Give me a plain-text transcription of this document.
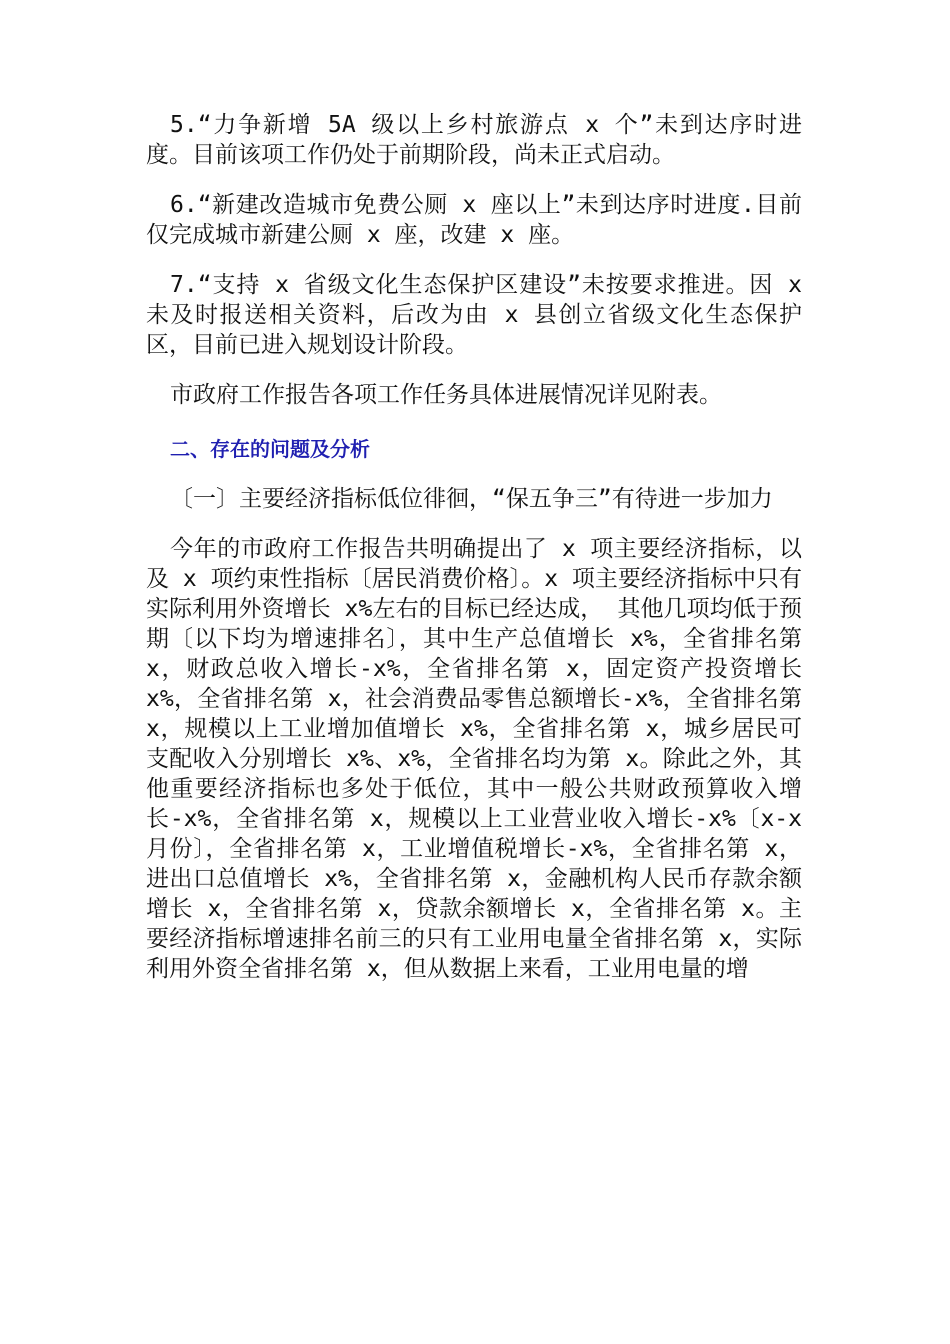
5.“力争新增 5A 级以上乡村旅游点 x 个”未到达序时进度。目前该项工作仍处于前期阶段，尚未正式启动。

6.“新建改造城市免费公厕 x 座以上”未到达序时进度.目前仅完成城市新建公厕 x 座，改建 x 座。

7.“支持 x 省级文化生态保护区建设”未按要求推进。因 x 未及时报送相关资料，后改为由 x 县创立省级文化生态保护区，目前已进入规划设计阶段。

市政府工作报告各项工作任务具体进展情况详见附表。

二、存在的问题及分析

〔一〕主要经济指标低位徘徊，“保五争三”有待进一步加力

今年的市政府工作报告共明确提出了 x 项主要经济指标，以及 x 项约束性指标〔居民消费价格〕。x 项主要经济指标中只有实际利用外资增长 x%左右的目标已经达成， 其他几项均低于预期〔以下均为增速排名〕，其中生产总值增长 x%，全省排名第 x，财政总收入增长-x%，全省排名第 x，固定资产投资增长 x%，全省排名第 x，社会消费品零售总额增长-x%，全省排名第 x，规模以上工业增加值增长 x%，全省排名第 x，城乡居民可支配收入分别增长 x%、x%，全省排名均为第 x。除此之外，其他重要经济指标也多处于低位，其中一般公共财政预算收入增长-x%，全省排名第 x，规模以上工业营业收入增长-x%〔x-x 月份〕，全省排名第 x，工业增值税增长-x%，全省排名第 x，进出口总值增长 x%，全省排名第 x，金融机构人民币存款余额增长 x，全省排名第 x，贷款余额增长 x，全省排名第 x。主要经济指标增速排名前三的只有工业用电量全省排名第 x，实际利用外资全省排名第 x，但从数据上来看，工业用电量的增
